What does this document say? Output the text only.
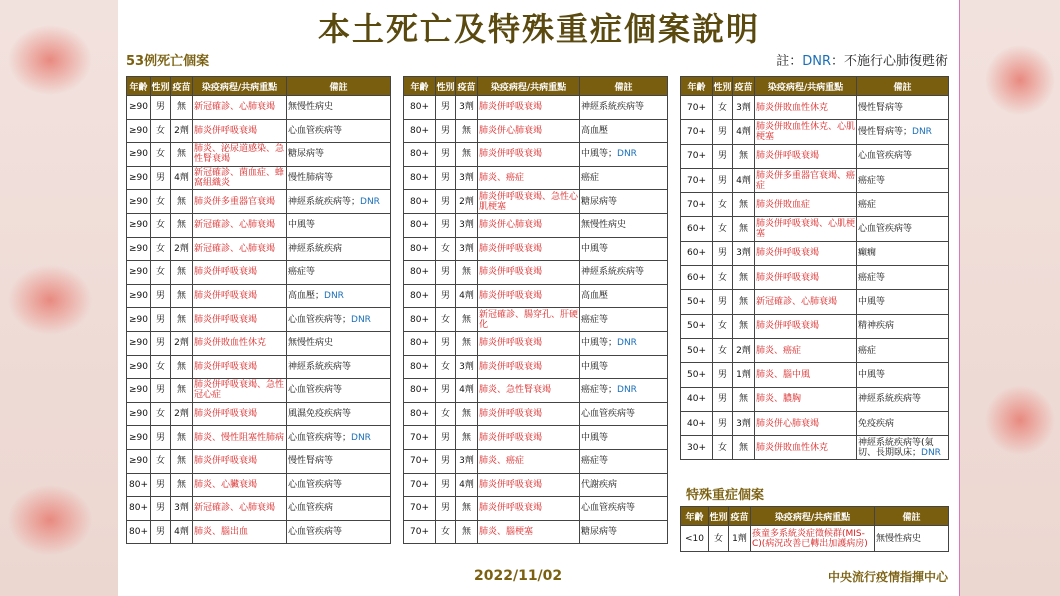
本土死亡及特殊重症個案說明
53例死亡個案	註：DNR：不施行心肺復甦術
年齡	性別	疫苗	染疫病程/共病重點	備註
≥90	男	無	新冠確診、心肺衰竭	無慢性病史
≥90	女	2劑	肺炎併呼吸衰竭	心血管疾病等
≥90	女	無	肺炎、泌尿道感染、急性腎衰竭	糖尿病等
≥90	男	4劑	新冠確診、菌血症、蜂窩組織炎	慢性肺病等
≥90	女	無	肺炎併多重器官衰竭	神經系統疾病等；DNR
≥90	女	無	新冠確診、心肺衰竭	中風等
≥90	女	2劑	新冠確診、心肺衰竭	神經系統疾病
≥90	女	無	肺炎併呼吸衰竭	癌症等
≥90	男	無	肺炎併呼吸衰竭	高血壓；DNR
≥90	男	無	肺炎併呼吸衰竭	心血管疾病等；DNR
≥90	男	2劑	肺炎併敗血性休克	無慢性病史
≥90	女	無	肺炎併呼吸衰竭	神經系統疾病等
≥90	男	無	肺炎併呼吸衰竭、急性冠心症	心血管疾病等
≥90	女	2劑	肺炎併呼吸衰竭	風濕免疫疾病等
≥90	男	無	肺炎、慢性阻塞性肺病	心血管疾病等；DNR
≥90	女	無	肺炎併呼吸衰竭	慢性腎病等
80+	男	無	肺炎、心臟衰竭	心血管疾病等
80+	男	3劑	新冠確診、心肺衰竭	心血管疾病
80+	男	4劑	肺炎、腦出血	心血管疾病等
年齡	性別	疫苗	染疫病程/共病重點	備註
80+	男	3劑	肺炎併呼吸衰竭	神經系統疾病等
80+	男	無	肺炎併心肺衰竭	高血壓
80+	男	無	肺炎併呼吸衰竭	中風等；DNR
80+	男	3劑	肺炎、癌症	癌症
80+	男	2劑	肺炎併呼吸衰竭、急性心肌梗塞	糖尿病等
80+	男	3劑	肺炎併心肺衰竭	無慢性病史
80+	女	3劑	肺炎併呼吸衰竭	中風等
80+	男	無	肺炎併呼吸衰竭	神經系統疾病等
80+	男	4劑	肺炎併呼吸衰竭	高血壓
80+	女	無	新冠確診、腸穿孔、肝硬化	癌症等
80+	男	無	肺炎併呼吸衰竭	中風等；DNR
80+	女	3劑	肺炎併呼吸衰竭	中風等
80+	男	4劑	肺炎、急性腎衰竭	癌症等；DNR
80+	女	無	肺炎併呼吸衰竭	心血管疾病等
70+	男	無	肺炎併呼吸衰竭	中風等
70+	男	3劑	肺炎、癌症	癌症等
70+	男	4劑	肺炎併呼吸衰竭	代謝疾病
70+	男	無	肺炎併呼吸衰竭	心血管疾病等
70+	女	無	肺炎、腦梗塞	糖尿病等
年齡	性別	疫苗	染疫病程/共病重點	備註
70+	女	3劑	肺炎併敗血性休克	慢性腎病等
70+	男	4劑	肺炎併敗血性休克、心肌梗塞	慢性腎病等；DNR
70+	男	無	肺炎併呼吸衰竭	心血管疾病等
70+	男	4劑	肺炎併多重器官衰竭、癌症	癌症等
70+	女	無	肺炎併敗血症	癌症
60+	女	無	肺炎併呼吸衰竭、心肌梗塞	心血管疾病等
60+	男	3劑	肺炎併呼吸衰竭	癲癇
60+	女	無	肺炎併呼吸衰竭	癌症等
50+	男	無	新冠確診、心肺衰竭	中風等
50+	女	無	肺炎併呼吸衰竭	精神疾病
50+	女	2劑	肺炎、癌症	癌症
50+	男	1劑	肺炎、腦中風	中風等
40+	男	無	肺炎、膿胸	神經系統疾病等
40+	男	3劑	肺炎併心肺衰竭	免疫疾病
30+	女	無	肺炎併敗血性休克	神經系統疾病等(氣切、長期臥床；DNR
特殊重症個案
年齡	性別	疫苗	染疫病程/共病重點	備註
<10	女	1劑	孩童多系統炎症徵候群(MIS-C)(病況改善已轉出加護病房)	無慢性病史
2022/11/02	中央流行疫情指揮中心
